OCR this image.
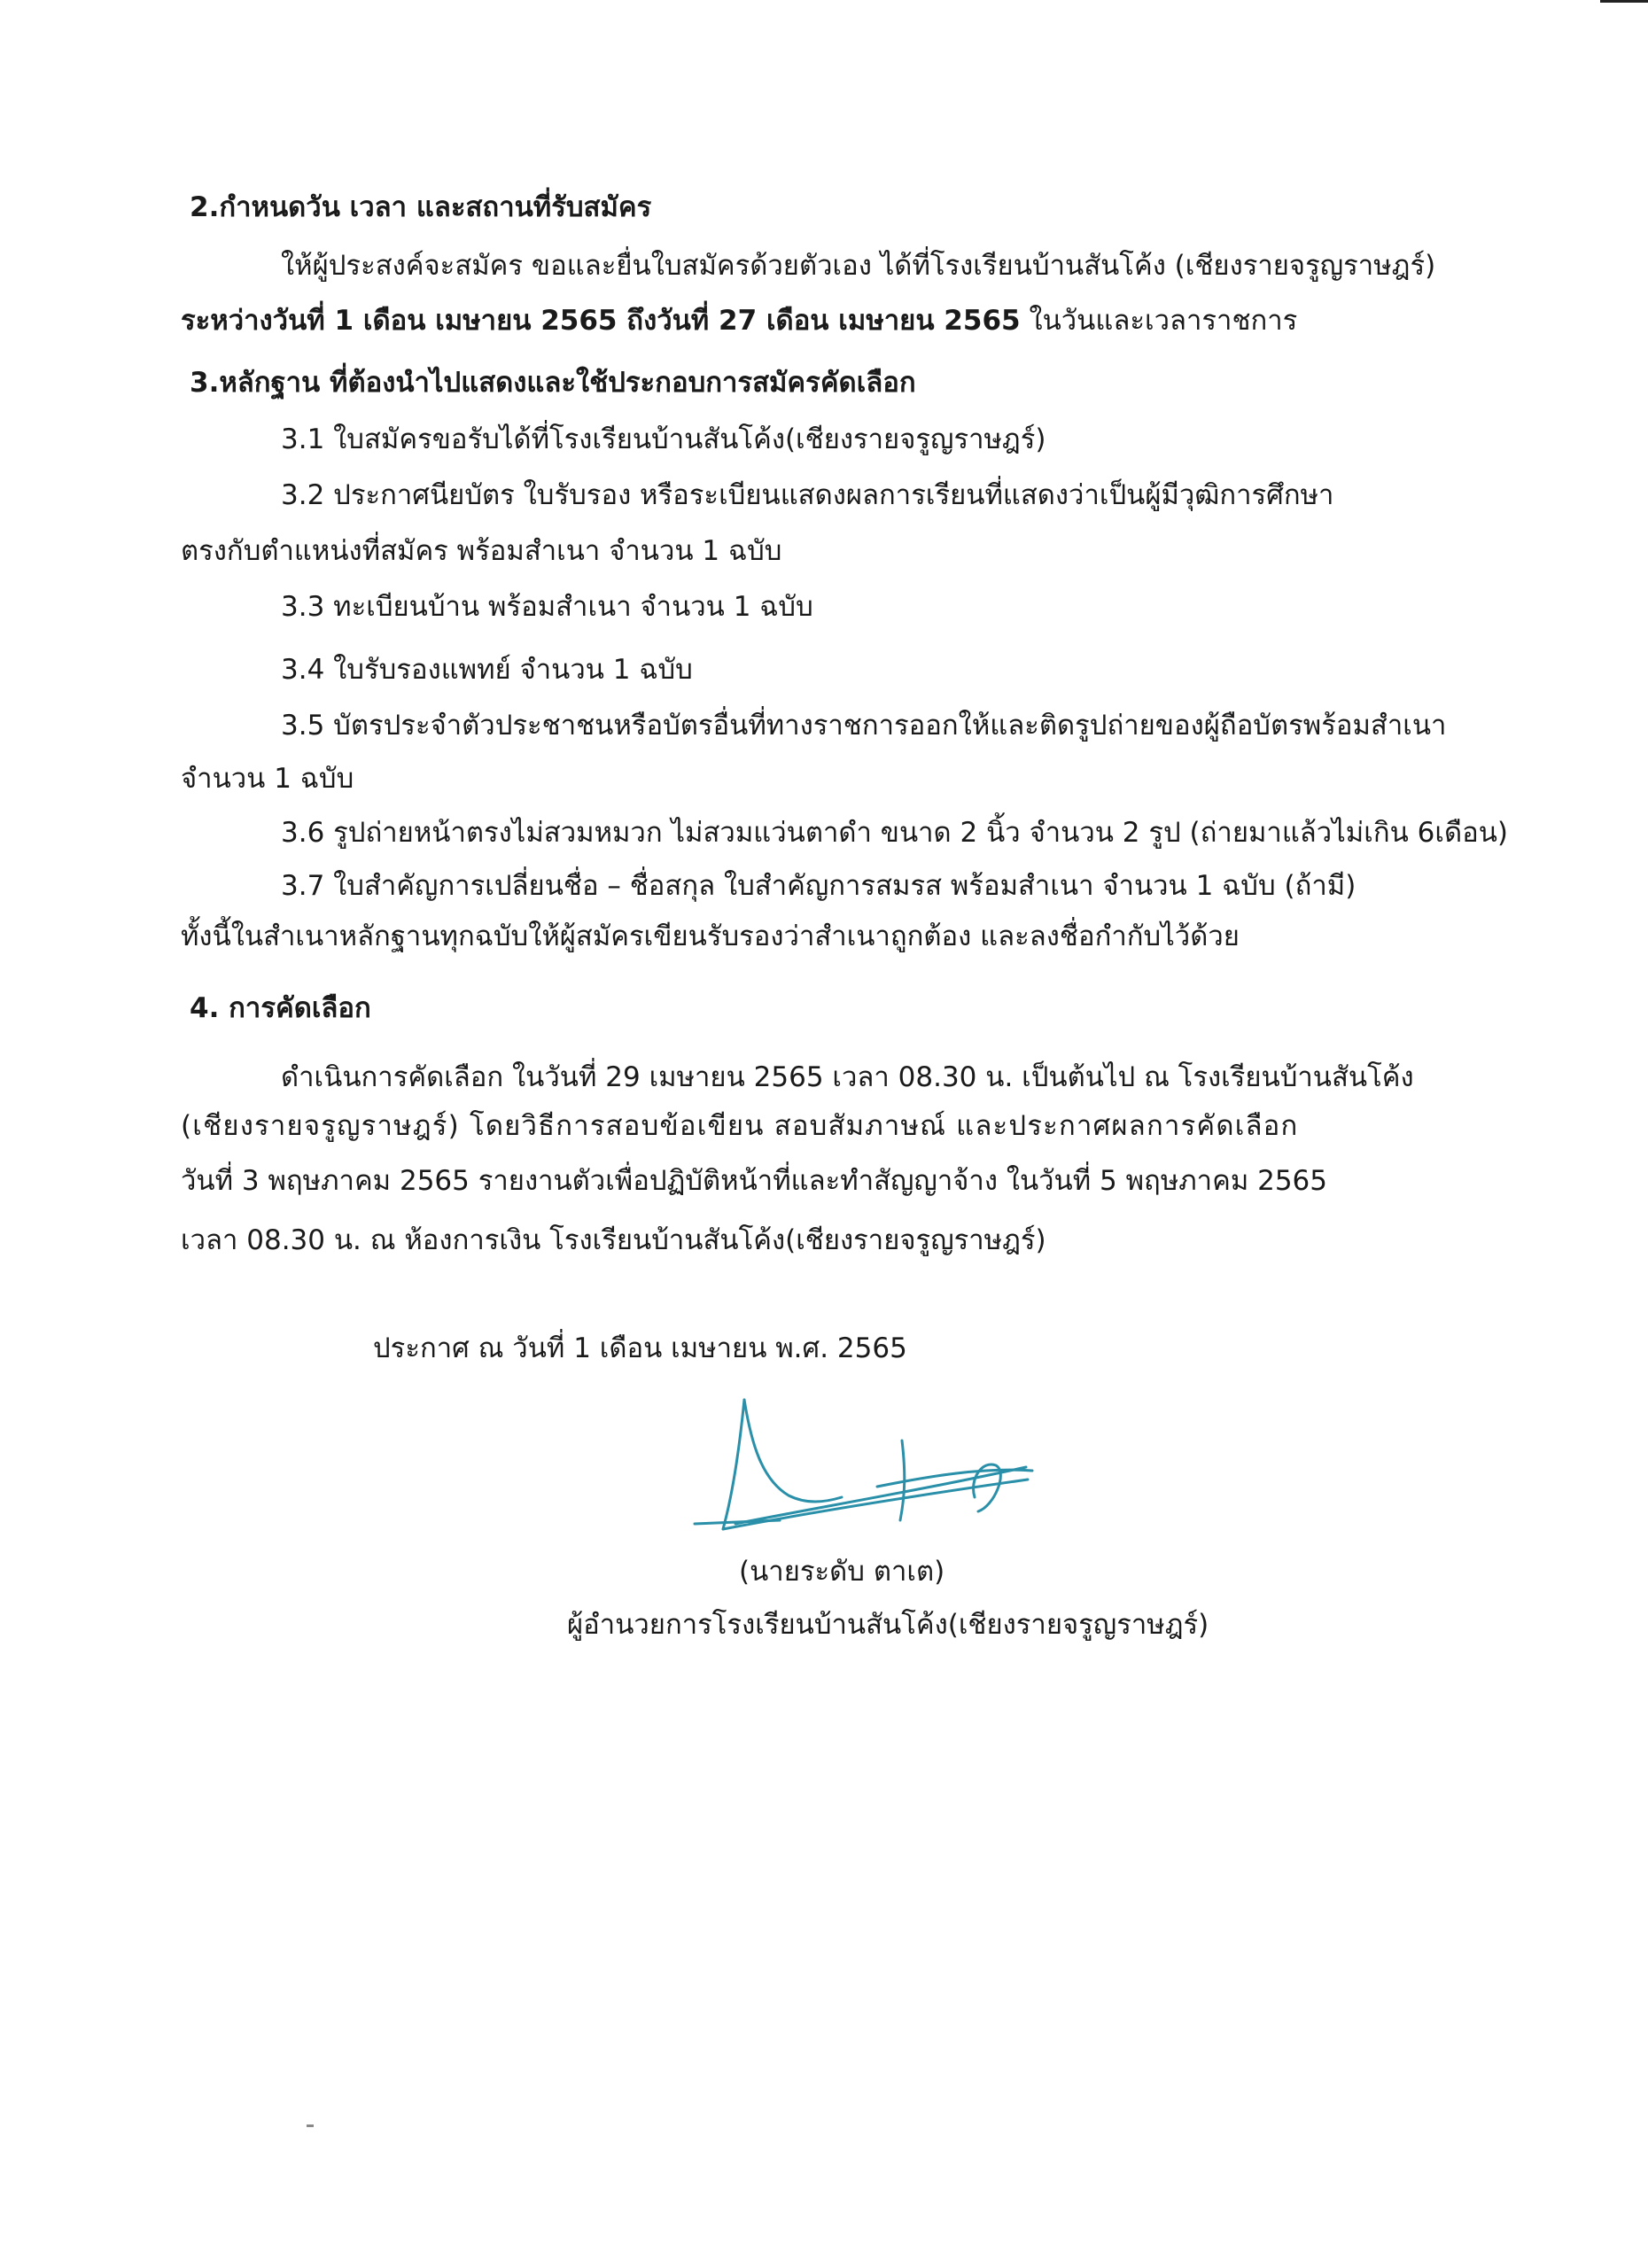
2.กำหนดวัน เวลา และสถานที่รับสมัคร
ให้ผู้ประสงค์จะสมัคร ขอและยื่นใบสมัครด้วยตัวเอง ได้ที่โรงเรียนบ้านสันโค้ง (เชียงรายจรูญราษฎร์)
ระหว่างวันที่ 1 เดือน เมษายน 2565 ถึงวันที่ 27 เดือน เมษายน 2565 ในวันและเวลาราชการ
3.หลักฐาน ที่ต้องนำไปแสดงและใช้ประกอบการสมัครคัดเลือก
3.1 ใบสมัครขอรับได้ที่โรงเรียนบ้านสันโค้ง(เชียงรายจรูญราษฎร์)
3.2 ประกาศนียบัตร ใบรับรอง หรือระเบียนแสดงผลการเรียนที่แสดงว่าเป็นผู้มีวุฒิการศึกษา
ตรงกับตำแหน่งที่สมัคร พร้อมสำเนา จำนวน 1 ฉบับ
3.3 ทะเบียนบ้าน พร้อมสำเนา จำนวน 1 ฉบับ
3.4 ใบรับรองแพทย์ จำนวน 1 ฉบับ
3.5 บัตรประจำตัวประชาชนหรือบัตรอื่นที่ทางราชการออกให้และติดรูปถ่ายของผู้ถือบัตรพร้อมสำเนา
จำนวน 1 ฉบับ
3.6 รูปถ่ายหน้าตรงไม่สวมหมวก ไม่สวมแว่นตาดำ ขนาด 2 นิ้ว จำนวน 2 รูป (ถ่ายมาแล้วไม่เกิน 6เดือน)
3.7 ใบสำคัญการเปลี่ยนชื่อ – ชื่อสกุล ใบสำคัญการสมรส พร้อมสำเนา จำนวน 1 ฉบับ (ถ้ามี)
ทั้งนี้ในสำเนาหลักฐานทุกฉบับให้ผู้สมัครเขียนรับรองว่าสำเนาถูกต้อง และลงชื่อกำกับไว้ด้วย
4. การคัดเลือก
ดำเนินการคัดเลือก ในวันที่ 29 เมษายน 2565 เวลา 08.30 น. เป็นต้นไป ณ โรงเรียนบ้านสันโค้ง
(เชียงรายจรูญราษฎร์) โดยวิธีการสอบข้อเขียน สอบสัมภาษณ์ และประกาศผลการคัดเลือก
วันที่ 3 พฤษภาคม 2565 รายงานตัวเพื่อปฏิบัติหน้าที่และทำสัญญาจ้าง ในวันที่ 5 พฤษภาคม 2565
เวลา 08.30 น. ณ ห้องการเงิน โรงเรียนบ้านสันโค้ง(เชียงรายจรูญราษฎร์)
ประกาศ ณ วันที่ 1 เดือน เมษายน พ.ศ. 2565
(นายระดับ ตาเต)
ผู้อำนวยการโรงเรียนบ้านสันโค้ง(เชียงรายจรูญราษฎร์)
